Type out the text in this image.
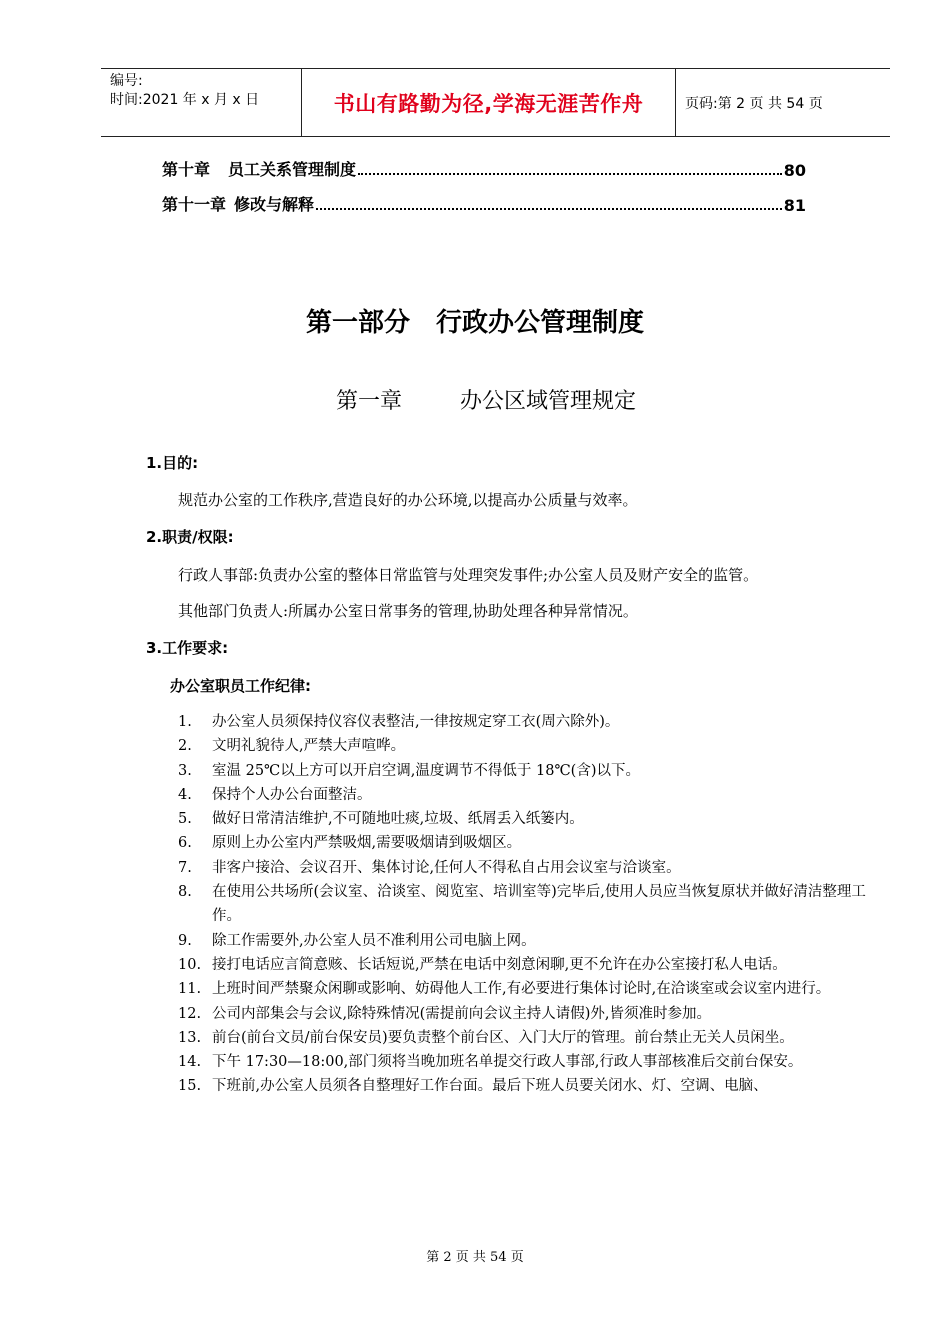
编号:
时间:2021 年 x 月 x 日	书山有路勤为径,学海无涯苦作舟	页码:第 2 页 共 54 页
第十章 员工关系管理制度	80
第十一章 修改与解释	81
第一部分　行政办公管理制度
第一章	办公区域管理规定
1.目的:
规范办公室的工作秩序,营造良好的办公环境,以提高办公质量与效率。
2.职责/权限:
行政人事部:负责办公室的整体日常监管与处理突发事件;办公室人员及财产安全的监管。
其他部门负责人:所属办公室日常事务的管理,协助处理各种异常情况。
3.工作要求:
办公室职员工作纪律:
1. 办公室人员须保持仪容仪表整洁,一律按规定穿工衣(周六除外)。
2. 文明礼貌待人,严禁大声喧哗。
3. 室温 25℃以上方可以开启空调,温度调节不得低于 18℃(含)以下。
4. 保持个人办公台面整洁。
5. 做好日常清洁维护,不可随地吐痰,垃圾、纸屑丢入纸篓内。
6. 原则上办公室内严禁吸烟,需要吸烟请到吸烟区。
7. 非客户接洽、会议召开、集体讨论,任何人不得私自占用会议室与洽谈室。
8. 在使用公共场所(会议室、洽谈室、阅览室、培训室等)完毕后,使用人员应当恢复原状并做好清洁整理工作。
9. 除工作需要外,办公室人员不准利用公司电脑上网。
10. 接打电话应言简意赅、长话短说,严禁在电话中刻意闲聊,更不允许在办公室接打私人电话。
11. 上班时间严禁聚众闲聊或影响、妨碍他人工作,有必要进行集体讨论时,在洽谈室或会议室内进行。
12. 公司内部集会与会议,除特殊情况(需提前向会议主持人请假)外,皆须准时参加。
13. 前台(前台文员/前台保安员)要负责整个前台区、入门大厅的管理。前台禁止无关人员闲坐。
14. 下午 17:30—18:00,部门须将当晚加班名单提交行政人事部,行政人事部核准后交前台保安。
15. 下班前,办公室人员须各自整理好工作台面。最后下班人员要关闭水、灯、空调、电脑、
第 2 页 共 54 页
